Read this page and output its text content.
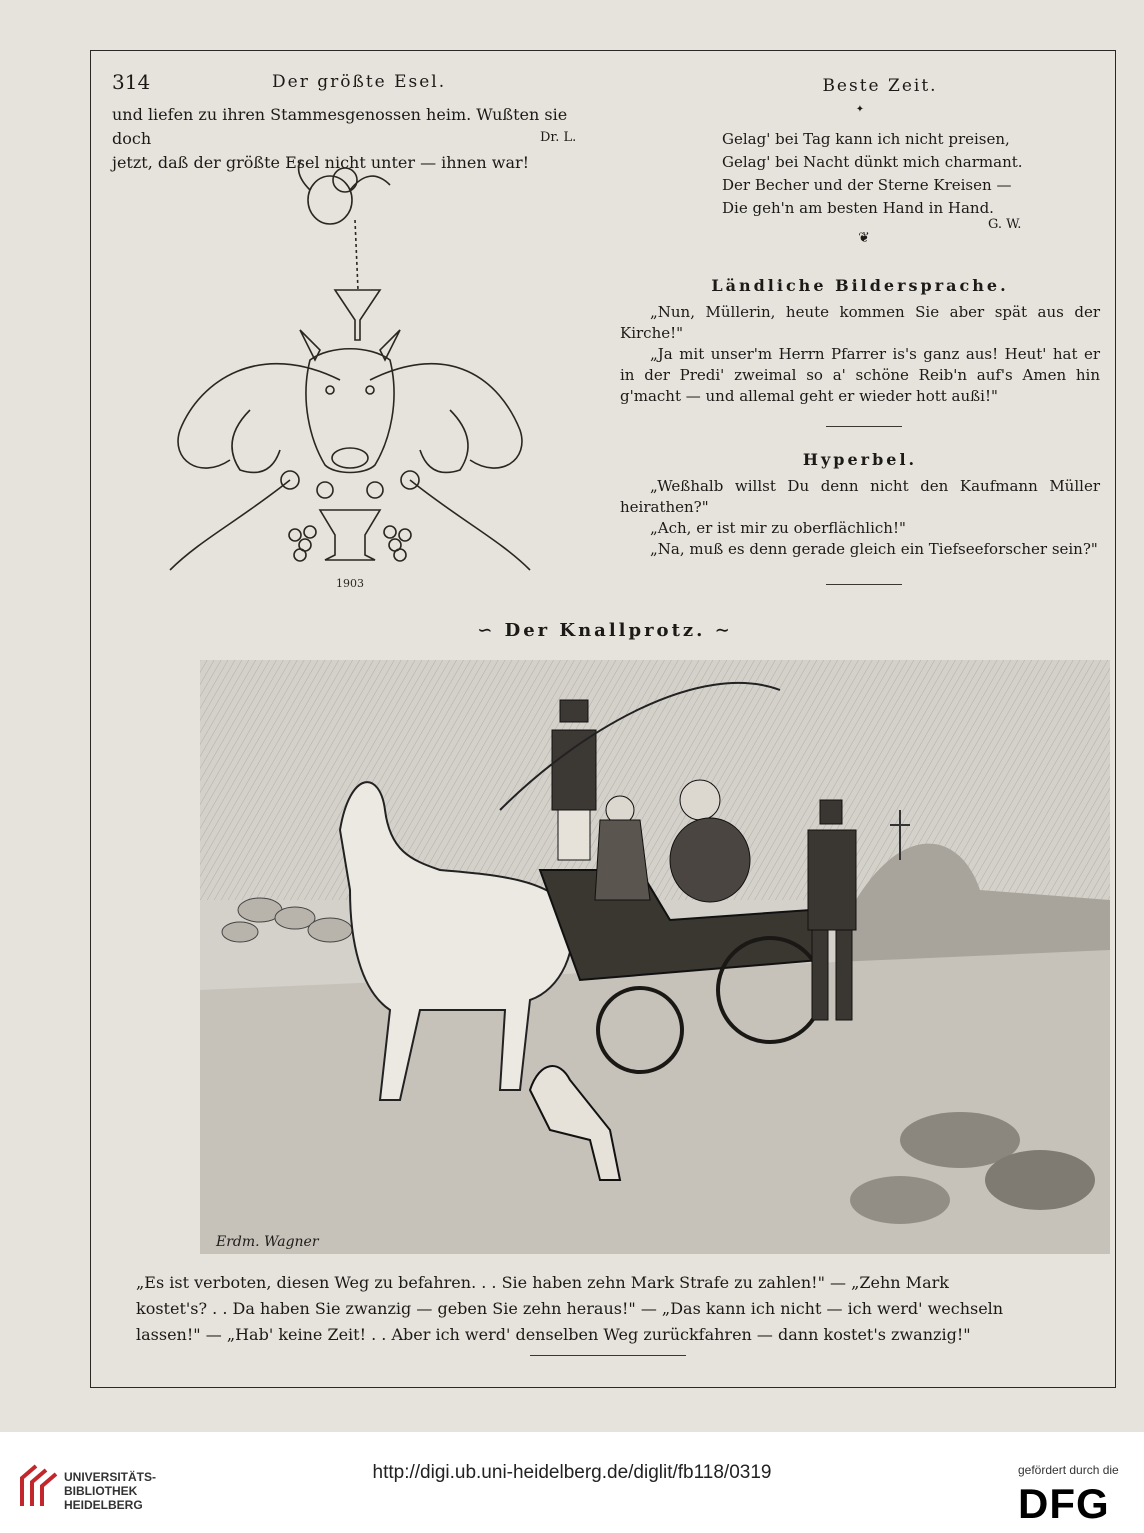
314	Der größte Esel.

und liefen zu ihren Stammesgenossen heim. Wußten sie doch

jetzt, daß der größte Esel nicht unter — ihnen war!

Dr. L.
1903
Beste Zeit.
✦
Gelag' bei Tag kann ich nicht preisen,
Gelag' bei Nacht dünkt mich charmant.
Der Becher und der Sterne Kreisen —
Die geh'n am besten Hand in Hand.
G. W.
❦
Ländliche Bildersprache.

„Nun, Müllerin, heute kommen Sie aber spät aus der Kirche!"

„Ja mit unser'm Herrn Pfarrer is's ganz aus! Heut' hat er in der Predi' zweimal so a' schöne Reib'n auf's Amen hin g'macht — und allemal geht er wieder hott außi!"

Hyperbel.

„Weßhalb willst Du denn nicht den Kaufmann Müller heirathen?"

„Ach, er ist mir zu oberflächlich!"

„Na, muß es denn gerade gleich ein Tiefseeforscher sein?"

∽ Der Knallprotz. ∼
Erdm. Wagner
„Es ist verboten, diesen Weg zu befahren. . . Sie haben zehn Mark Strafe zu zahlen!" — „Zehn Mark
kostet's? . . Da haben Sie zwanzig — geben Sie zehn heraus!" — „Das kann ich nicht — ich werd' wechseln
lassen!" — „Hab' keine Zeit! . . Aber ich werd' denselben Weg zurückfahren — dann kostet's zwanzig!"
UNIVERSITÄTS-
BIBLIOTHEK
HEIDELBERG
http://digi.ub.uni-heidelberg.de/diglit/fb118/0319	gefördert durch die
DFG
